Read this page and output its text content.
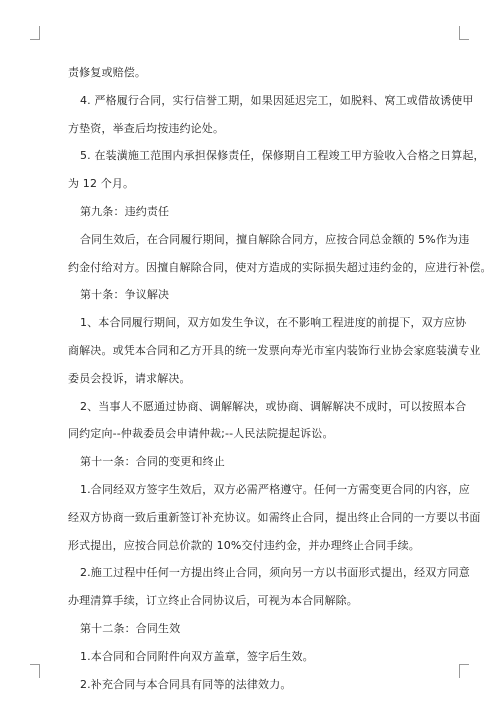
责修复或赔偿。
4. 严格履行合同，实行信誉工期，如果因延迟完工，如脱料、窝工或借故诱使甲
方垫资，举查后均按违约论处。
5. 在装潢施工范围内承担保修责任，保修期自工程竣工甲方验收入合格之日算起，
为 12 个月。
第九条：违约责任
合同生效后，在合同履行期间，擅自解除合同方，应按合同总金额的 5%作为违
约金付给对方。因擅自解除合同，使对方造成的实际损失超过违约金的，应进行补偿。
第十条：争议解决
1、本合同履行期间，双方如发生争议，在不影响工程进度的前提下，双方应协
商解决。或凭本合同和乙方开具的统一发票向寿光市室内装饰行业协会家庭装潢专业
委员会投诉，请求解决。
2、当事人不愿通过协商、调解解决，或协商、调解解决不成时，可以按照本合
同约定向--仲裁委员会申请仲裁;--人民法院提起诉讼。
第十一条：合同的变更和终止
1.合同经双方签字生效后，双方必需严格遵守。任何一方需变更合同的内容，应
经双方协商一致后重新签订补充协议。如需终止合同，提出终止合同的一方要以书面
形式提出，应按合同总价款的 10%交付违约金，并办理终止合同手续。
2.施工过程中任何一方提出终止合同，须向另一方以书面形式提出，经双方同意
办理清算手续，订立终止合同协议后，可视为本合同解除。
第十二条：合同生效
1.本合同和合同附件向双方盖章，签字后生效。
2.补充合同与本合同具有同等的法律效力。
